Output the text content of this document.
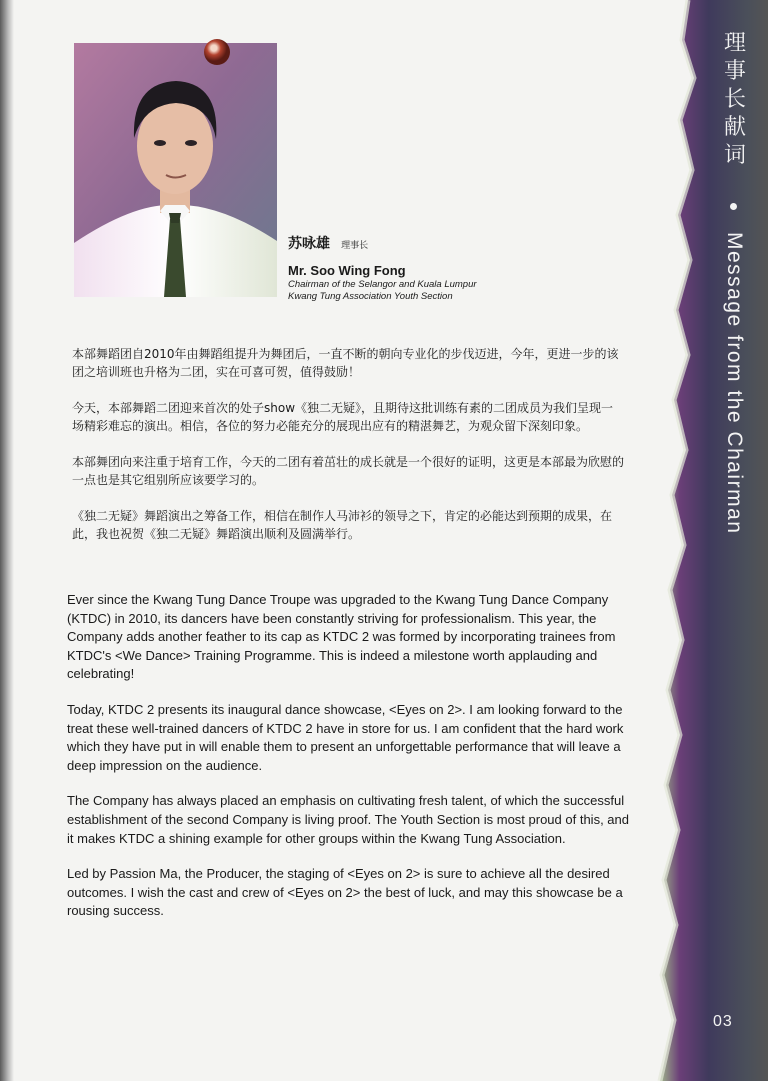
苏咏雄 理事长
Mr. Soo Wing Fong
Chairman of the Selangor and Kuala Lumpur
Kwang Tung Association Youth Section

本部舞蹈团自2010年由舞蹈组提升为舞团后，一直不断的朝向专业化的步伐迈进，今年，更进一步的该团之培训班也升格为二团，实在可喜可贺，值得鼓励！

今天，本部舞蹈二团迎来首次的处子show《独二无疑》，且期待这批训练有素的二团成员为我们呈现一场精彩难忘的演出。相信，各位的努力必能充分的展现出应有的精湛舞艺，为观众留下深刻印象。

本部舞团向来注重于培育工作，今天的二团有着茁壮的成长就是一个很好的证明，这更是本部最为欣慰的一点也是其它组别所应该要学习的。

《独二无疑》舞蹈演出之筹备工作，相信在制作人马沛衫的领导之下，肯定的必能达到预期的成果，在此，我也祝贺《独二无疑》舞蹈演出顺利及圆满举行。

Ever since the Kwang Tung Dance Troupe was upgraded to the Kwang Tung Dance Company (KTDC) in 2010, its dancers have been constantly striving for professionalism. This year, the Company adds another feather to its cap as KTDC 2 was formed by incorporating trainees from KTDC's <We Dance> Training Programme. This is indeed a milestone worth applauding and celebrating!

Today, KTDC 2 presents its inaugural dance showcase, <Eyes on 2>. I am looking forward to the treat these well-trained dancers of KTDC 2 have in store for us. I am confident that the hard work which they have put in will enable them to present an unforgettable performance that will leave a deep impression on the audience.

The Company has always placed an emphasis on cultivating fresh talent, of which the successful establishment of the second Company is living proof. The Youth Section is most proud of this, and it makes KTDC a shining example for other groups within the Kwang Tung Association.

Led by Passion Ma, the Producer, the staging of <Eyes on 2> is sure to achieve all the desired outcomes. I wish the cast and crew of <Eyes on 2> the best of luck, and may this showcase be a rousing success.

理事长献词
Message from the Chairman
03
